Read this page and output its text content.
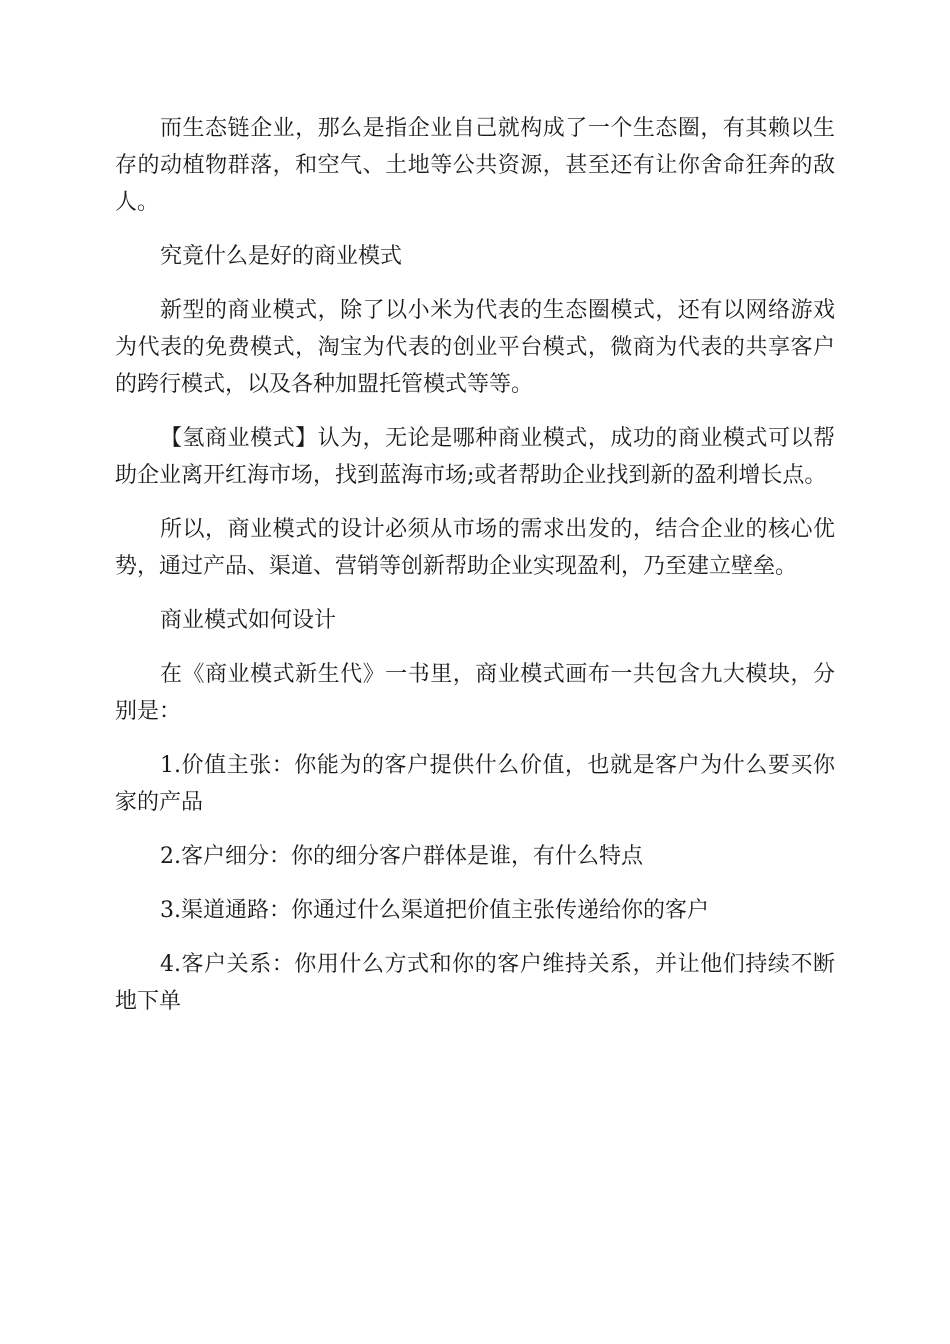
而生态链企业，那么是指企业自己就构成了一个生态圈，有其赖以生存的动植物群落，和空气、土地等公共资源，甚至还有让你舍命狂奔的敌人。

究竟什么是好的商业模式

新型的商业模式，除了以小米为代表的生态圈模式，还有以网络游戏为代表的免费模式，淘宝为代表的创业平台模式，微商为代表的共享客户的跨行模式，以及各种加盟托管模式等等。

【氢商业模式】认为，无论是哪种商业模式，成功的商业模式可以帮助企业离开红海市场，找到蓝海市场;或者帮助企业找到新的盈利增长点。

所以，商业模式的设计必须从市场的需求出发的，结合企业的核心优势，通过产品、渠道、营销等创新帮助企业实现盈利，乃至建立壁垒。

商业模式如何设计

在《商业模式新生代》一书里，商业模式画布一共包含九大模块，分别是：

1.价值主张：你能为的客户提供什么价值，也就是客户为什么要买你家的产品

2.客户细分：你的细分客户群体是谁，有什么特点

3.渠道通路：你通过什么渠道把价值主张传递给你的客户

4.客户关系：你用什么方式和你的客户维持关系，并让他们持续不断地下单
